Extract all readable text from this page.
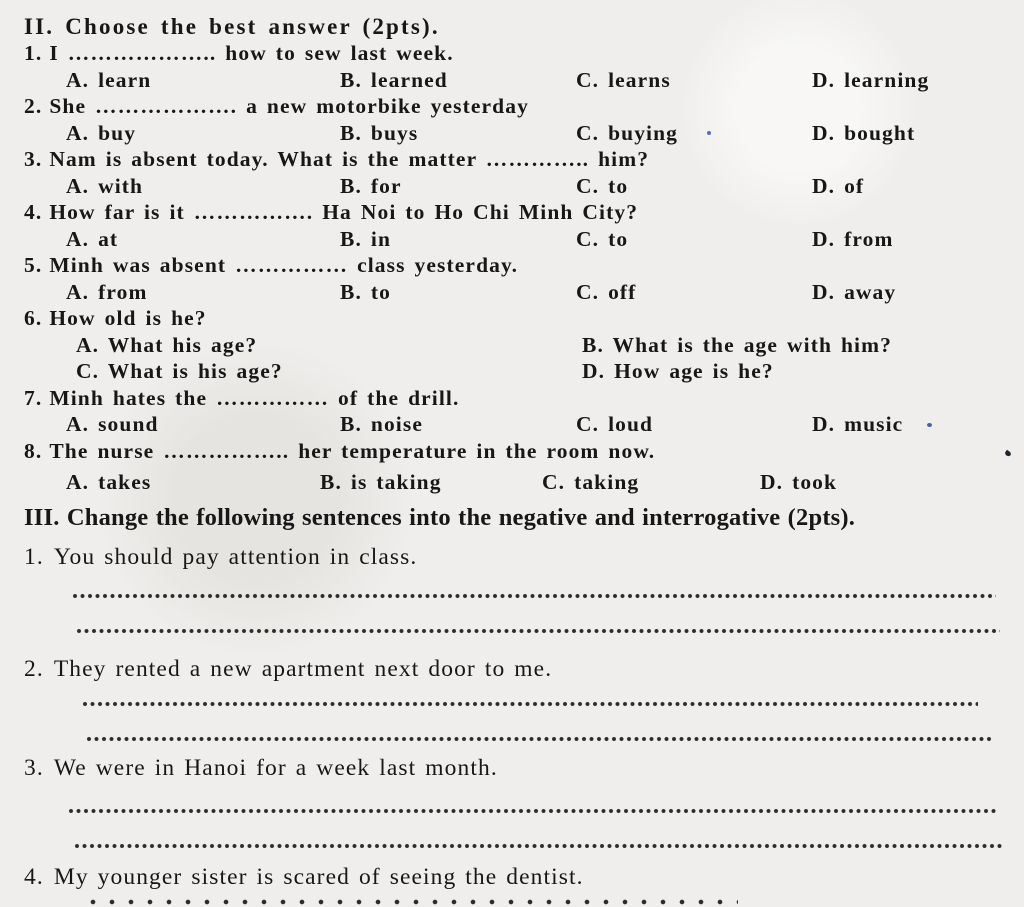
II. Choose the best answer (2pts).
1. I ……………….. how to sew last week.
A. learn	B. learned	C. learns	D. learning
2. She ………………. a new motorbike yesterday
A. buy	B. buys	C. buying	D. bought
3. Nam is absent today. What is the matter ………….. him?
A. with	B. for	C. to	D. of
4. How far is it ……………. Ha Noi to Ho Chi Minh City?
A. at	B. in	C. to	D. from
5. Minh was absent …………… class yesterday.
A. from	B. to	C. off	D. away
6. How old is he?
A. What his age?	B. What is the age with him?
C. What is his age?	D. How age is he?
7. Minh hates the …………… of the drill.
A. sound	B. noise	C. loud	D. music
8. The nurse …………….. her temperature in the room now.
A. takes	B. is taking	C. taking	D. took
III. Change the following sentences into the negative and interrogative (2pts).
1. You should pay attention in class.
2. They rented a new apartment next door to me.
3. We were in Hanoi for a week last month.
4. My younger sister is scared of seeing the dentist.
